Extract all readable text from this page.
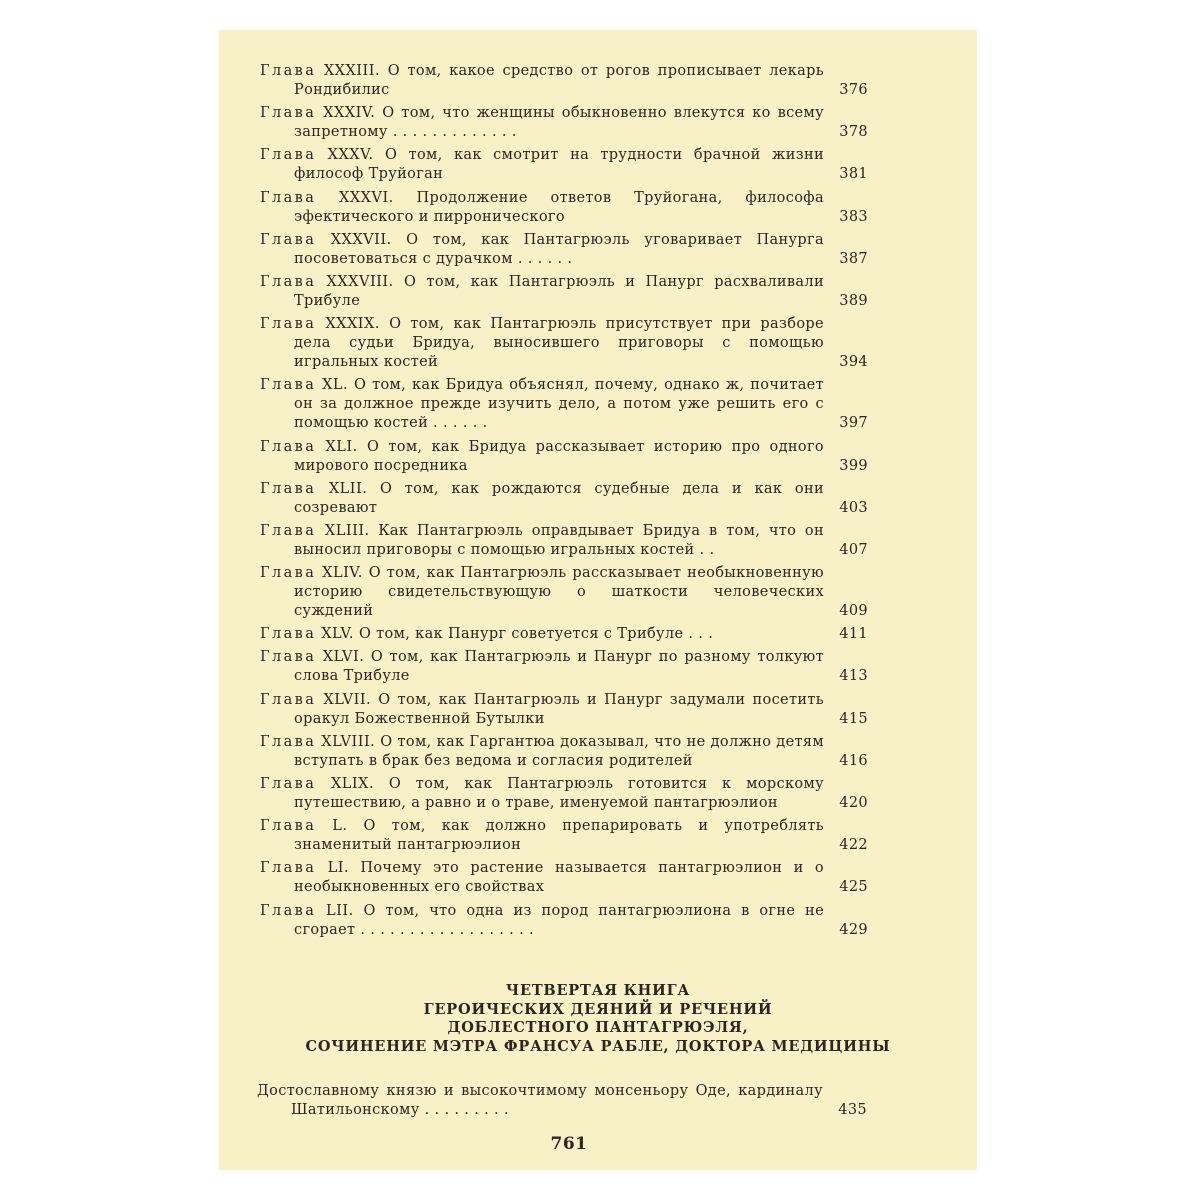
Глава XXXIII. О том, какое средство от рогов прописывает лекарь Рондибилис	376
Глава XXXIV. О том, что женщины обыкновенно влекутся ко всему запретному . . . . . . . . . . . . .	378
Глава XXXV. О том, как смотрит на трудности брачной жизни философ Труйоган	381
Глава XXXVI. Продолжение ответов Труйогана, философа эфектического и пирронического	383
Глава XXXVII. О том, как Пантагрюэль уговаривает Панурга посоветоваться с дурачком . . . . . .	387
Глава XXXVIII. О том, как Пантагрюэль и Панург расхваливали Трибуле	389
Глава XXXIX. О том, как Пантагрюэль присутствует при разборе дела судьи Бридуа, выносившего приговоры с помощью игральных костей	394
Глава XL. О том, как Бридуа объяснял, почему, однако ж, почитает он за должное прежде изучить дело, а потом уже решить его с помощью костей . . . . . .	397
Глава XLI. О том, как Бридуа рассказывает историю про одного мирового посредника	399
Глава XLII. О том, как рождаются судебные дела и как они созревают	403
Глава XLIII. Как Пантагрюэль оправдывает Бридуа в том, что он выносил приговоры с помощью игральных костей . .	407
Глава XLIV. О том, как Пантагрюэль рассказывает необыкновенную историю свидетельствующую о шаткости человеческих суждений	409
Глава XLV. О том, как Панург советуется с Трибуле . . .	411
Глава XLVI. О том, как Пантагрюэль и Панург по разному толкуют слова Трибуле	413
Глава XLVII. О том, как Пантагрюэль и Панург задумали посетить оракул Божественной Бутылки	415
Глава XLVIII. О том, как Гаргантюа доказывал, что не должно детям вступать в брак без ведома и согласия родителей	416
Глава XLIX. О том, как Пантагрюэль готовится к морскому путешествию, а равно и о траве, именуемой пантагрюэлион	420
Глава L. О том, как должно препарировать и употреблять знаменитый пантагрюэлион	422
Глава LI. Почему это растение называется пантагрюэлион и о необыкновенных его свойствах	425
Глава LII. О том, что одна из пород пантагрюэлиона в огне не сгорает . . . . . . . . . . . . . . . . . .	429
ЧЕТВЕРТАЯ КНИГА
ГЕРОИЧЕСКИХ ДЕЯНИЙ И РЕЧЕНИЙ
ДОБЛЕСТНОГО ПАНТАГРЮЭЛЯ,
СОЧИНЕНИЕ МЭТРА ФРАНСУА РАБЛЕ, ДОКТОРА МЕДИЦИНЫ
Достославному князю и высокочтимому монсеньору Оде, кардиналу Шатильонскому . . . . . . . . .	435
761
